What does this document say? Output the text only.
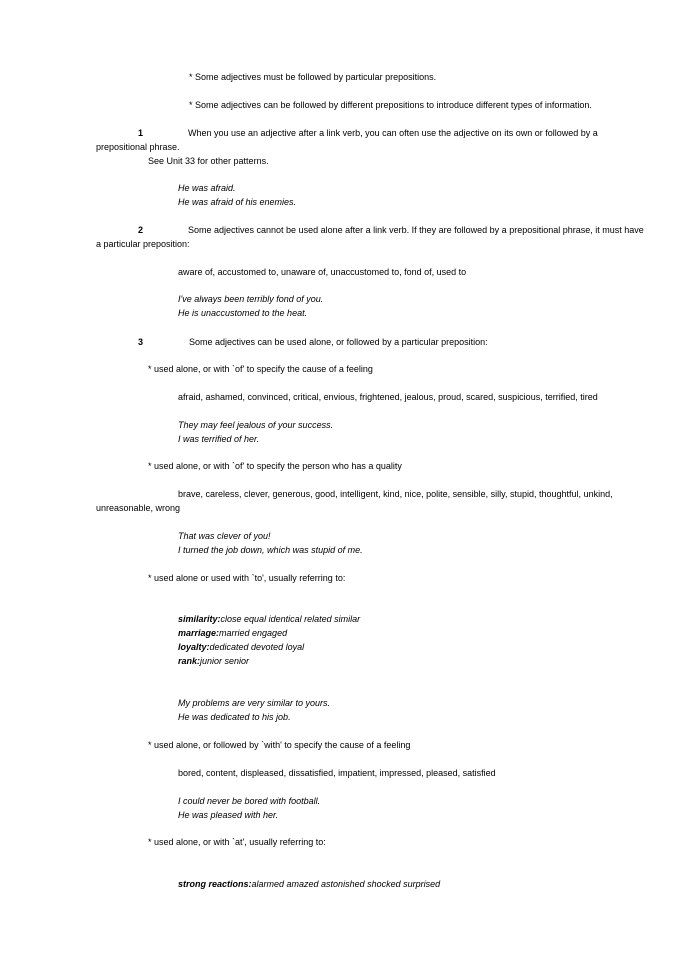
* Some adjectives must be followed by particular prepositions.
* Some adjectives can be followed by different prepositions to introduce different types of information.
1	When you use an adjective after a link verb, you can often use the adjective on its own or followed by a prepositional phrase.
See Unit 33 for other patterns.
He was afraid.
He was afraid of his enemies.
2	Some adjectives cannot be used alone after a link verb. If they are followed by a prepositional phrase, it must have a particular preposition:
aware of, accustomed to, unaware of, unaccustomed to, fond of, used to
I've always been terribly fond of you.
He is unaccustomed to the heat.
3	Some adjectives can be used alone, or followed by a particular preposition:
* used alone, or with `of' to specify the cause of a feeling
afraid, ashamed, convinced, critical, envious, frightened, jealous, proud, scared, suspicious, terrified, tired
They may feel jealous of your success.
I was terrified of her.
* used alone, or with `of' to specify the person who has a quality
brave, careless, clever, generous, good, intelligent, kind, nice, polite, sensible, silly, stupid, thoughtful, unkind, unreasonable, wrong
That was clever of you!
I turned the job down, which was stupid of me.
* used alone or used with `to', usually referring to:
similarity:close equal identical related similar
marriage:married engaged
loyalty:dedicated devoted loyal
rank:junior senior
My problems are very similar to yours.
He was dedicated to his job.
* used alone, or followed by `with' to specify the cause of a feeling
bored, content, displeased, dissatisfied, impatient, impressed, pleased, satisfied
I could never be bored with football.
He was pleased with her.
* used alone, or with `at', usually referring to:
strong reactions:alarmed amazed astonished shocked surprised
